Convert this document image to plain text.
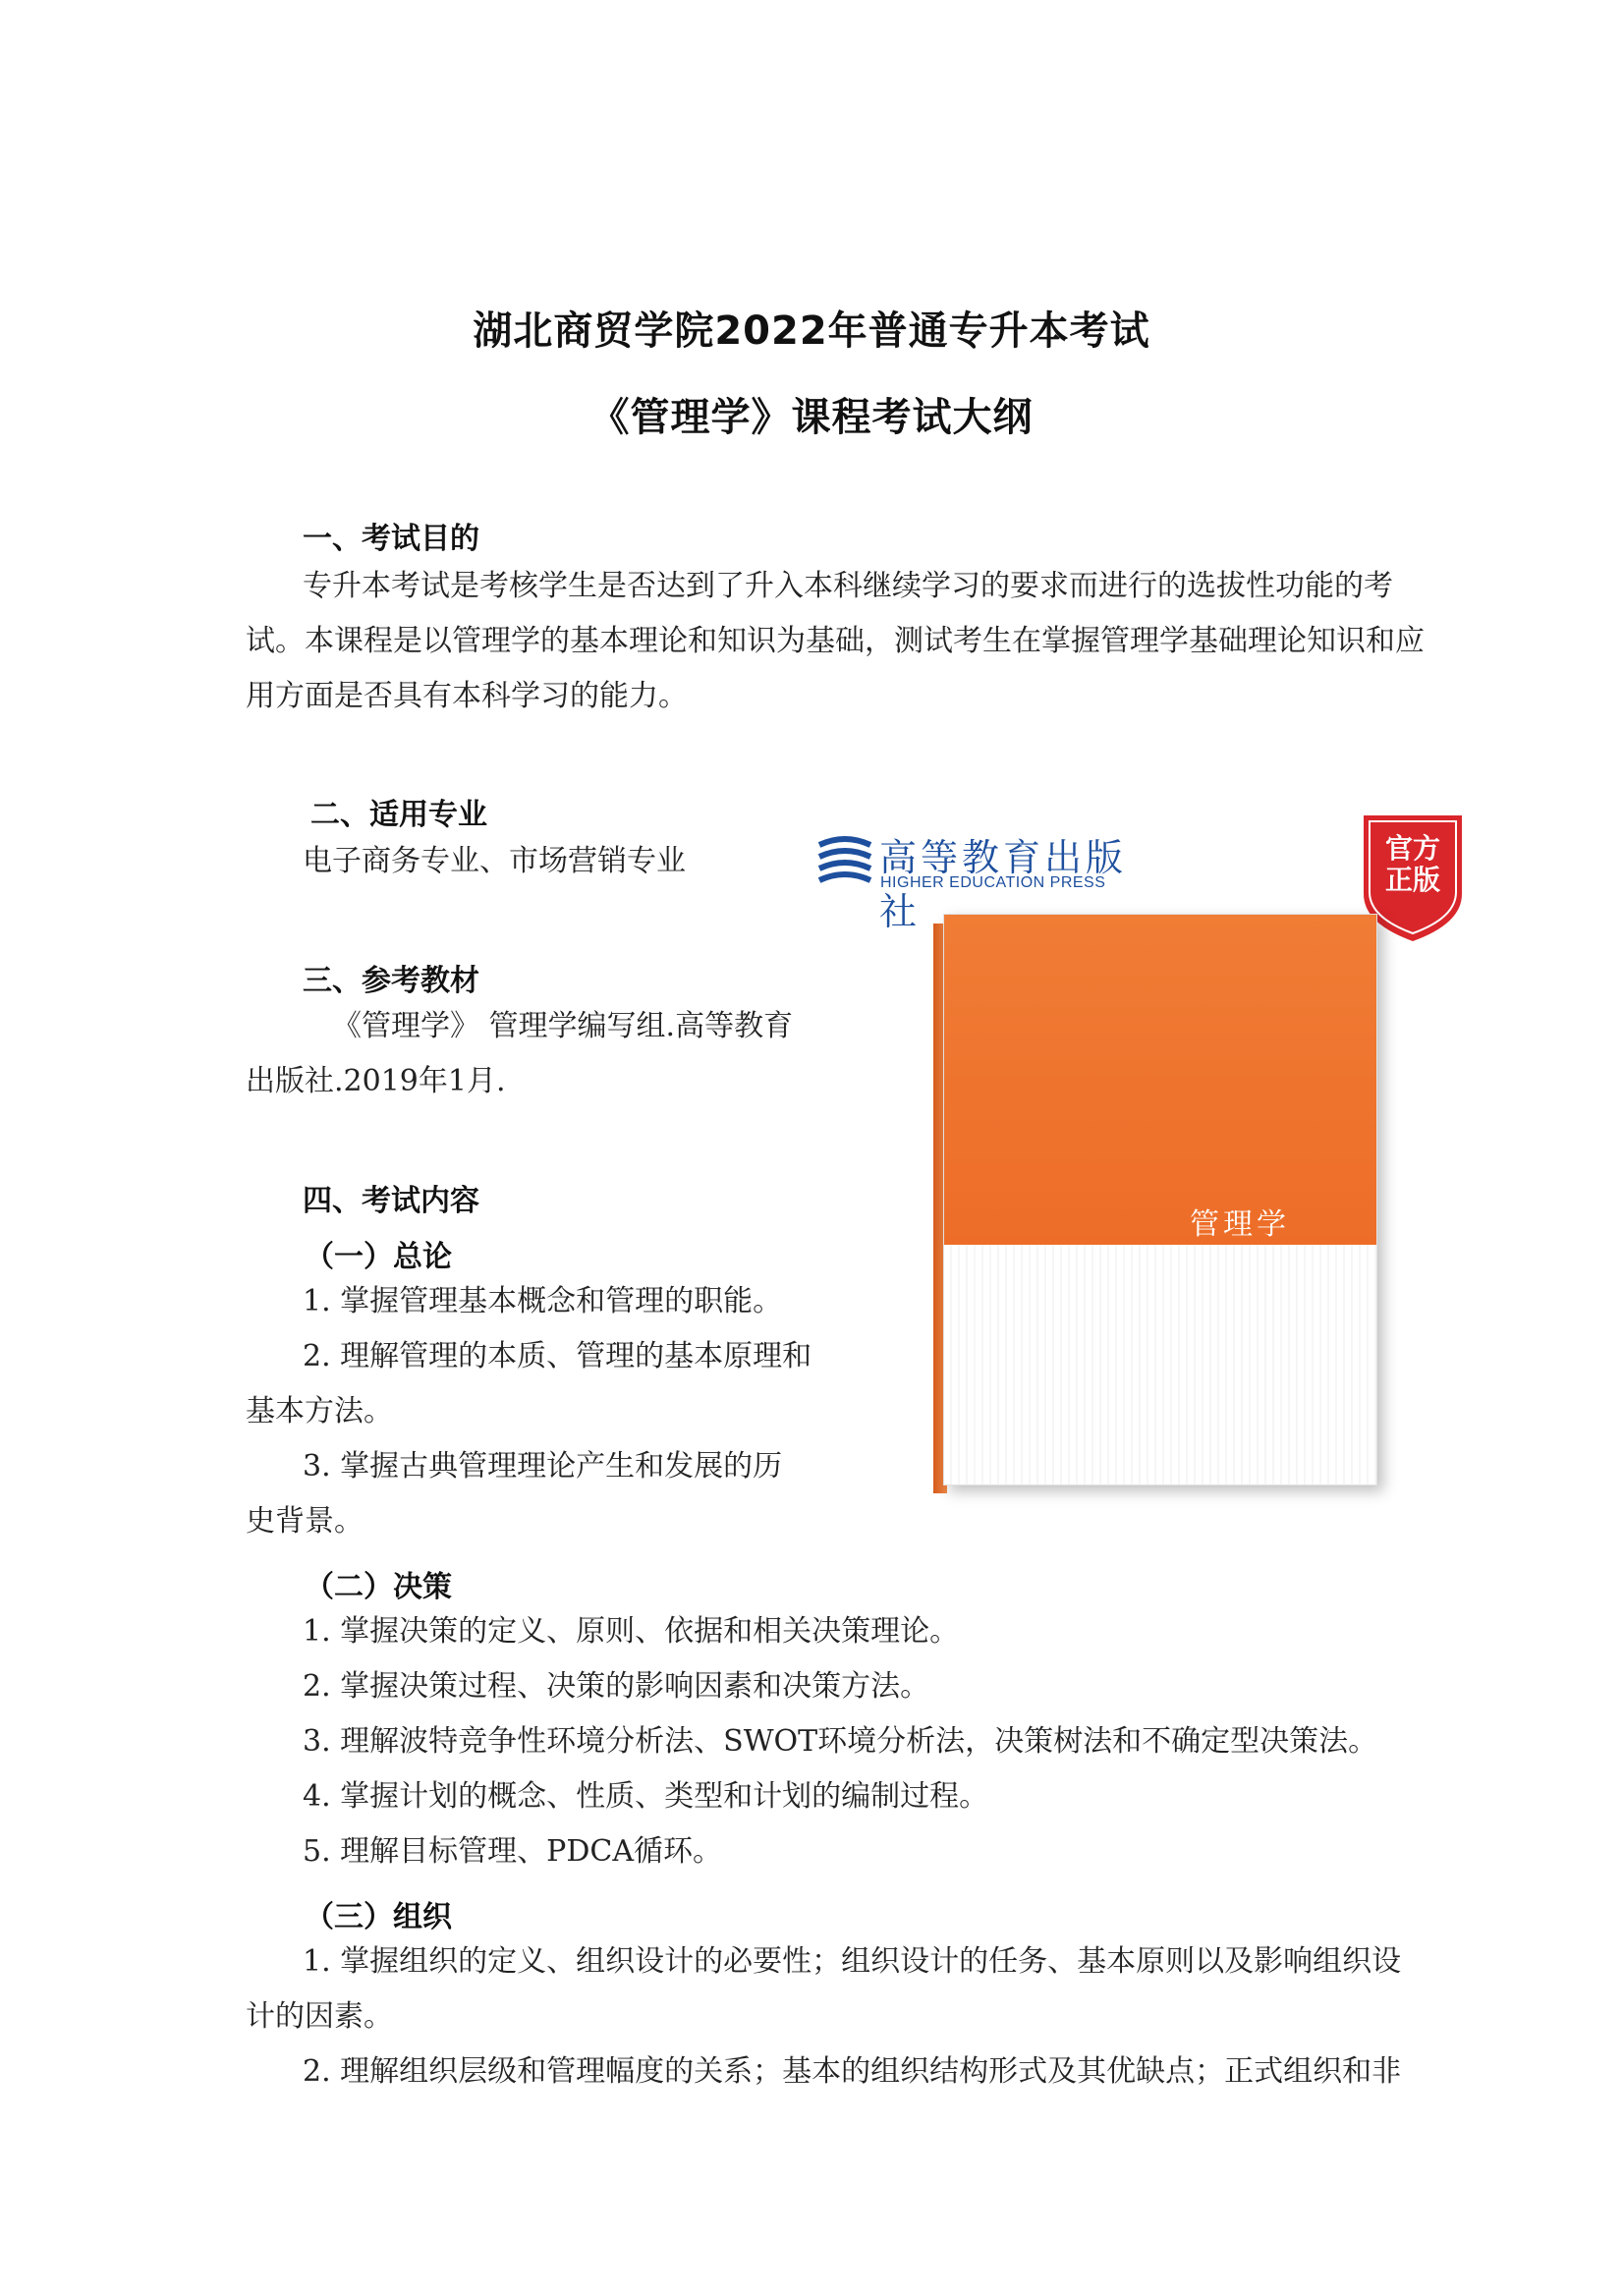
湖北商贸学院2022年普通专升本考试
《管理学》课程考试大纲
一、考试目的
专升本考试是考核学生是否达到了升入本科继续学习的要求而进行的选拔性功能的考
试。本课程是以管理学的基本理论和知识为基础，测试考生在掌握管理学基础理论知识和应
用方面是否具有本科学习的能力。
二、适用专业
电子商务专业、市场营销专业
三、参考教材
《管理学》 管理学编写组.高等教育
出版社.2019年1月.
四、考试内容
（一）总论
1. 掌握管理基本概念和管理的职能。
2. 理解管理的本质、管理的基本原理和
基本方法。
3. 掌握古典管理理论产生和发展的历
史背景。
（二）决策
1. 掌握决策的定义、原则、依据和相关决策理论。
2. 掌握决策过程、决策的影响因素和决策方法。
3. 理解波特竞争性环境分析法、SWOT环境分析法，决策树法和不确定型决策法。
4. 掌握计划的概念、性质、类型和计划的编制过程。
5. 理解目标管理、PDCA循环。
（三）组织
1. 掌握组织的定义、组织设计的必要性；组织设计的任务、基本原则以及影响组织设
计的因素。
2. 理解组织层级和管理幅度的关系；基本的组织结构形式及其优缺点；正式组织和非
高等教育出版社
HIGHER EDUCATION PRESS
官方
正版
管理学
